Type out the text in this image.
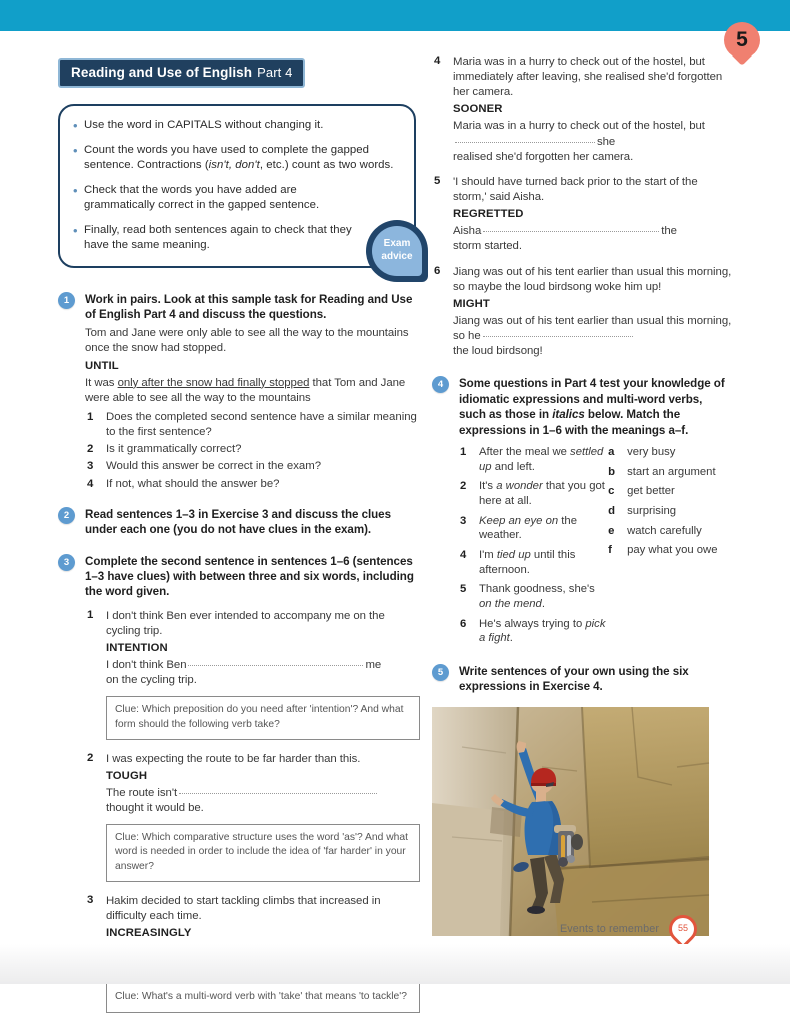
5
Reading and Use of English Part 4
• Use the word in CAPITALS without changing it.
• Count the words you have used to complete the gapped sentence. Contractions (isn't, don't, etc.) count as two words.
• Check that the words you have added are grammatically correct in the gapped sentence.
• Finally, read both sentences again to check that they have the same meaning.	Exam
advice
1	Work in pairs. Look at this sample task for Reading and Use of English Part 4 and discuss the questions.
Tom and Jane were only able to see all the way to the mountains once the snow had stopped.
UNTIL
It was only after the snow had finally stopped that Tom and Jane were able to see all the way to the mountains
1 Does the completed second sentence have a similar meaning to the first sentence?
2 Is it grammatically correct?
3 Would this answer be correct in the exam?
4 If not, what should the answer be?
2	Read sentences 1–3 in Exercise 3 and discuss the clues under each one (you do not have clues in the exam).
3	Complete the second sentence in sentences 1–6 (sentences 1–3 have clues) with between three and six words, including the word given.
1 I don't think Ben ever intended to accompany me on the cycling trip.
INTENTION
I don't think Ben	me
on the cycling trip.
Clue: Which preposition do you need after 'intention'? And what form should the following verb take?
2 I was expecting the route to be far harder than this.
TOUGH
The route isn't
thought it would be.
Clue: Which comparative structure uses the word 'as'? And what word is needed in order to include the idea of 'far harder' in your answer?
3 Hakim decided to start tackling climbs that increased in difficulty each time.
INCREASINGLY
Clue: What's a multi-word verb with 'take' that means 'to tackle'?
4 Maria was in a hurry to check out of the hostel, but immediately after leaving, she realised she'd forgotten her camera.
SOONER
Maria was in a hurry to check out of the hostel, butshe
realised she'd forgotten her camera.
5 'I should have turned back prior to the start of the storm,' said Aisha.
REGRETTED
Aisha	the
storm started.
6 Jiang was out of his tent earlier than usual this morning, so maybe the loud birdsong woke him up!
MIGHT
Jiang was out of his tent earlier than usual this morning, so he
the loud birdsong!
4	Some questions in Part 4 test your knowledge of idiomatic expressions and multi-word verbs, such as those in italics below. Match the expressions in 1–6 with the meanings a–f.
1 After the meal we settled up and left.
2 It's a wonder that you got here at all.
3 Keep an eye on the weather.
4 I'm tied up until this afternoon.
5 Thank goodness, she's on the mend.
6 He's always trying to pick a fight.
a very busy
b start an argument
c get better
d surprising
e watch carefully
f pay what you owe
5	Write sentences of your own using the six expressions in Exercise 4.
Events to remember	55
